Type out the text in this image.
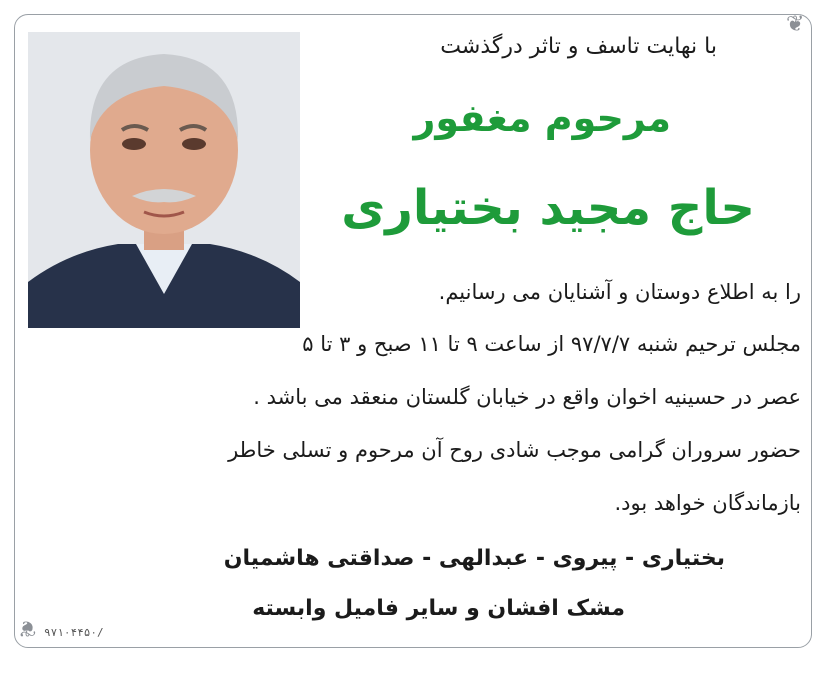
❦
❦
با نهایت تاسف و تاثر درگذشت
مرحوم مغفور
حاج مجید بختیاری
را به اطلاع دوستان و آشنایان می رسانیم.
مجلس ترحیم شنبه ۹۷/۷/۷ از ساعت ۹ تا ۱۱ صبح و ۳ تا ۵
عصر در حسینیه اخوان واقع در خیابان گلستان منعقد می باشد .
حضور سروران گرامی موجب شادی روح آن مرحوم و تسلی خاطر
بازماندگان خواهد بود.
بختیاری - پیروی - عبدالهی - صداقتی هاشمیان
مشک افشان و سایر فامیل وابسته
۹۷۱۰۴۴۵۰/
